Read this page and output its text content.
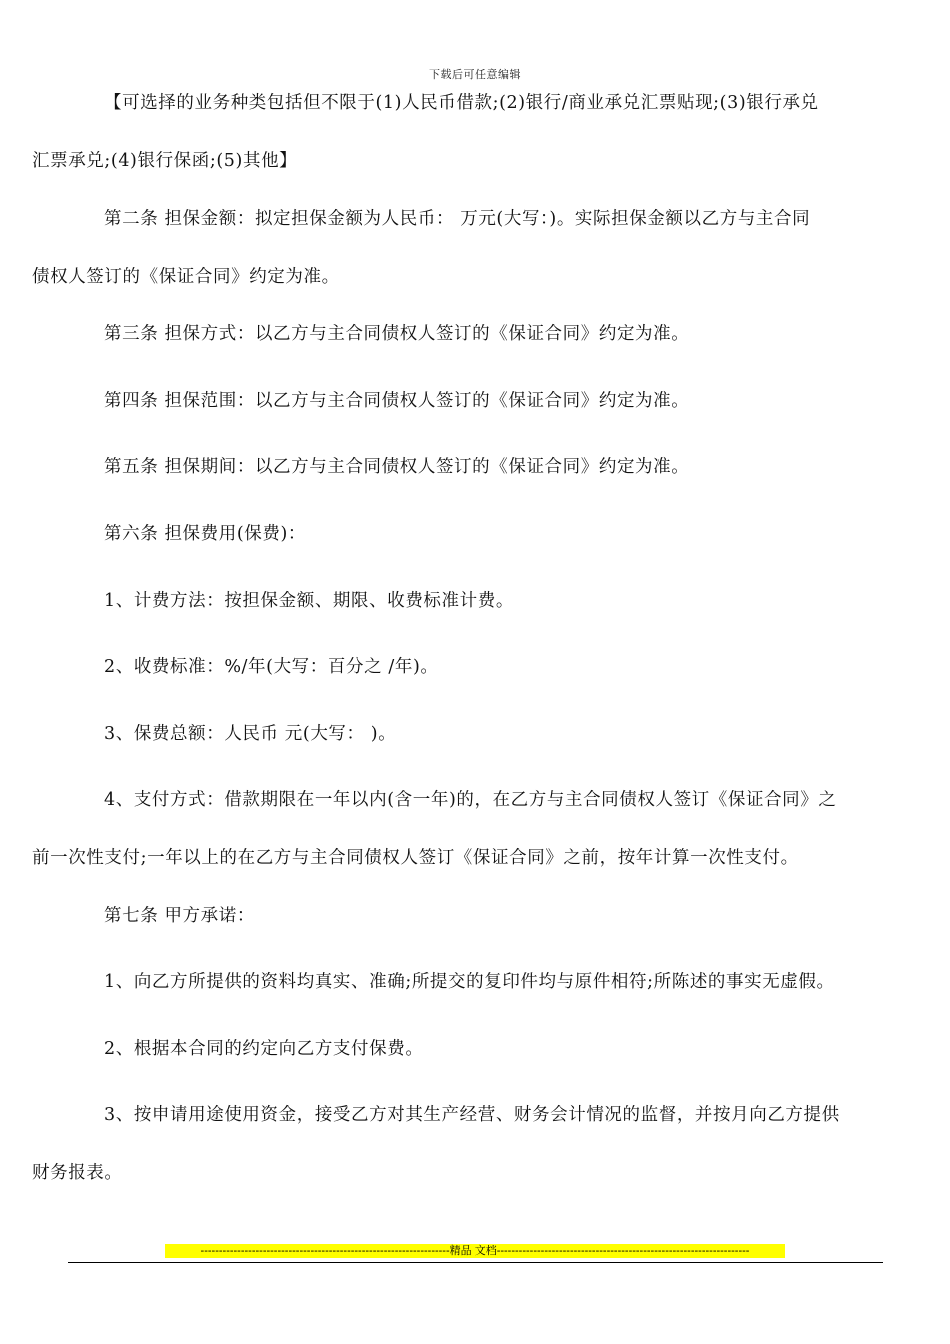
下载后可任意编辑
【可选择的业务种类包括但不限于(1)人民币借款;(2)银行/商业承兑汇票贴现;(3)银行承兑
汇票承兑;(4)银行保函;(5)其他】
第二条 担保金额：拟定担保金额为人民币： 万元(大写：)。实际担保金额以乙方与主合同
债权人签订的《保证合同》约定为准。
第三条 担保方式：以乙方与主合同债权人签订的《保证合同》约定为准。
第四条 担保范围：以乙方与主合同债权人签订的《保证合同》约定为准。
第五条 担保期间：以乙方与主合同债权人签订的《保证合同》约定为准。
第六条 担保费用(保费)：
1、计费方法：按担保金额、期限、收费标准计费。
2、收费标准：%/年(大写：百分之 /年)。
3、保费总额：人民币 元(大写： )。
4、支付方式：借款期限在一年以内(含一年)的，在乙方与主合同债权人签订《保证合同》之
前一次性支付;一年以上的在乙方与主合同债权人签订《保证合同》之前，按年计算一次性支付。
第七条 甲方承诺：
1、向乙方所提供的资料均真实、准确;所提交的复印件均与原件相符;所陈述的事实无虚假。
2、根据本合同的约定向乙方支付保费。
3、按申请用途使用资金，接受乙方对其生产经营、财务会计情况的监督，并按月向乙方提供
财务报表。
--------------------------------------------------------------------精品 文档---------------------------------------------------------------------
